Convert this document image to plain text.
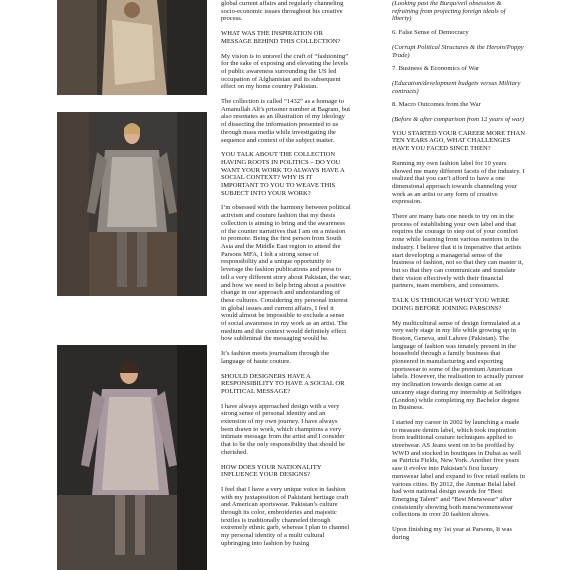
global current affairs and regularly channeling socio-economic issues throughout his creative process.

WHAT WAS THE INSPIRATION OR MESSAGE BEHIND THIS COLLECTION?

My vision is to unravel the craft of “fashioning” for the sake of exposing and elevating the levels of public awareness surrounding the US led occupation of Afghanistan and its subsequent effect on my home country Pakistan.

The collection is called “1432” as a homage to Amanullah Ali’s prisoner number at Bagram, but also resonates as an illustration of my ideology of dissecting the information presented to us through mass media while investigating the sequence and context of the subject matter.

YOU TALK ABOUT THE COLLECTION HAVING ROOTS IN POLITICS – DO YOU WANT YOUR WORK TO ALWAYS HAVE A SOCIAL CONTEXT? WHY IS IT IMPORTANT TO YOU TO WEAVE THIS SUBJECT INTO YOUR WORK?

I’m obsessed with the harmony between political activism and couture fashion that my thesis collection is aiming to bring and the awareness of the counter narratives that I am on a mission to promote. Being the first person from South Asia and the Middle East region to attend the Parsons MFA, I felt a strong sense of responsibility and a unique opportunity to leverage the fashion publications and press to tell a very different story about Pakistan, the war, and how we need to help bring about a positive change in our approach and understanding of these cultures. Considering my personal interest in global issues and current affairs, I feel it would almost be impossible to exclude a sense of social awareness in my work as an artist. The medium and the context would definitely effect how subliminal the messaging would be.

It’s fashion meets journalism through the language of haute couture.

SHOULD DESIGNERS HAVE A RESPONSIBILITY TO HAVE A SOCIAL OR POLITICAL MESSAGE?

I have always approached design with a very strong sense of personal identity and an extension of my own journey. I have always been drawn to work, which champions a very intimate message from the artist and I consider that to be the only responsibility that should be cherished.

HOW DOES YOUR NATIONALITY INFLUENCE YOUR DESIGNS?

I feel that I have a very unique voice in fashion with my juxtaposition of Pakistani heritage craft and American sportswear. Pakistan’s culture through its color, embroideries and majestic textiles is traditionally channeled through extremely ethnic garb, whereas I plan to channel my personal identity of a multi cultural upbringing into fashion by fusing

(Looking past the Burqa/veil obsession & refraining from projecting foreign ideals of liberty)

6. False Sense of Democracy

(Corrupt Political Structures & the Heroin/Poppy Trade)

7. Business & Economics of War

(Education/development budgets versus Military contracts)

8. Macro Outcomes from the War

(Before & after comparison from 12 years of war)

YOU STARTED YOUR CAREER MORE THAN TEN YEARS AGO, WHAT CHALLENGES HAVE YOU FACED SINCE THEN?

Running my own fashion label for 10 years showed me many different facets of the industry. I realized that you can’t afford to have a one dimensional approach towards channeling your work as an artist or any form of creative expression.

There are many hats one needs to try on in the process of establishing your own label and that requires the courage to step out of your comfort zone while learning from various mentors in the industry. I believe that it is imperative that artists start developing a managerial sense of the business of fashion, not so that they can master it, but so that they can communicate and translate their vision effectively with their financial partners, team members, and consumers.

TALK US THROUGH WHAT YOU WERE DOING BEFORE JOINING PARSONS?

My multicultural sense of design formulated at a very early stage in my life while growing up in Boston, Geneva, and Lahore (Pakistan). The language of fashion was innately present in the household through a family business that pioneered in manufacturing and exporting sportswear to some of the premium American labels. However, the realisation to actually pursue my inclination towards design came at an uncanny stage during my internship at Selfridges (London) while completing my Bachelor degree in Business.

I started my career in 2002 by launching a made to measure denim label, which took inspiration from traditional couture techniques applied to streetwear. AS Jeans went on to be profiled by WWD and stocked in boutiques in Dubai as well as Patricia Fields, New York. Another five years saw it evolve into Pakistan’s first luxury menswear label and expand to five retail outlets in various cities. By 2012, the Ammar Belal label had won national design awards for “Best Emerging Talent” and “Best Menswear” after consistently showing both mens/womenswear collections in over 20 fashion shows.

Upon finishing my 1st year at Parsons, It was during
